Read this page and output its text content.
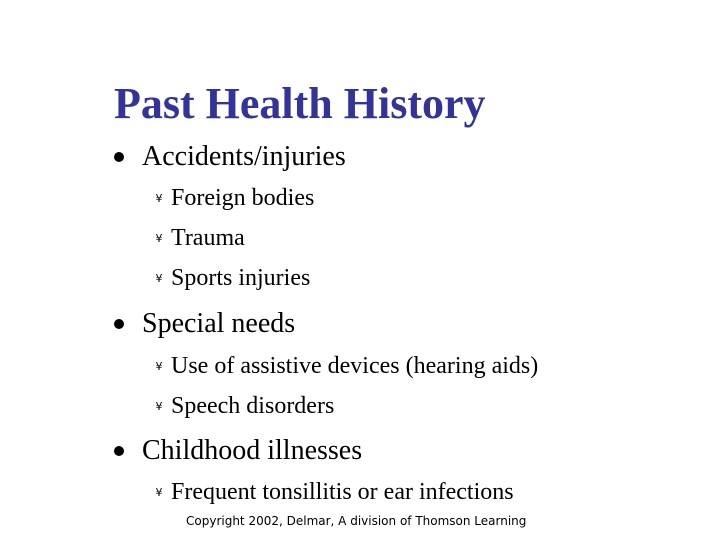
Past Health History
Accidents/injuries
¥ Foreign bodies
¥ Trauma
¥ Sports injuries
Special needs
¥ Use of assistive devices (hearing aids)
¥ Speech disorders
Childhood illnesses
¥ Frequent tonsillitis or ear infections
Copyright 2002, Delmar, A division of Thomson Learning
